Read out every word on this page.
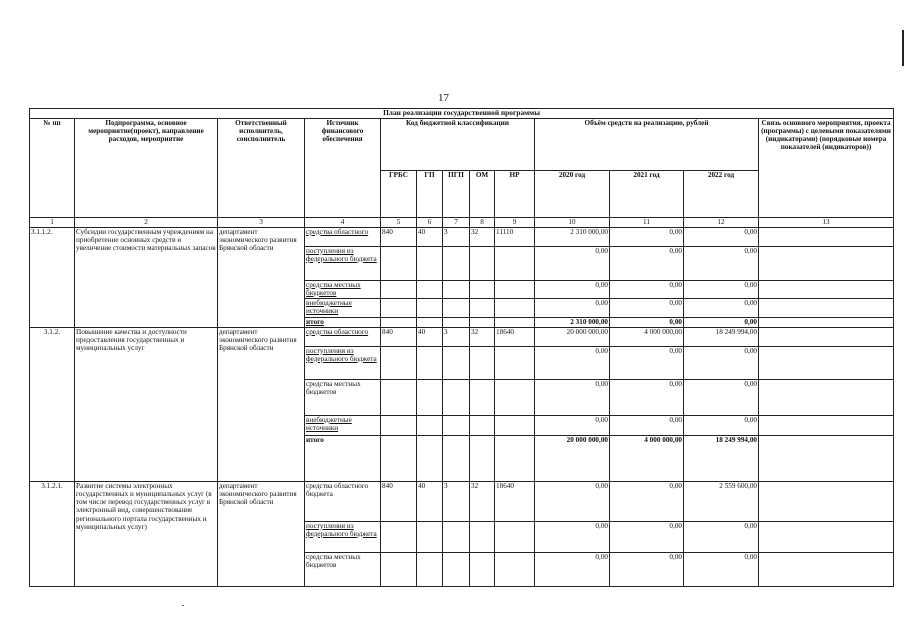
17
План реализации государственной программы												
№ пп	Подпрограмма, основное мероприятие(проект), направление расходов, мероприятие	Ответственный исполнитель, соисполнитель	Источник финансового обеспечения	Код бюджетной классификации					Объём средств на реализацию, рублей			Связь основного мероприятия, проекта (программы) с целевыми показателями (индикаторами) (порядковые номера показателей (индикаторов))
				ГРБС	ГП	ПГП	ОМ	НР	2020 год	2021 год	2022 год	
1	2	3	4	5	6	7	8	9	10	11	12	13
3.1.1.2.	Субсидии государственным учреждениям на приобретение основных средств и увеличение стоимости материальных запасов	департамент экономического развития Брянской области	средства областного	840	40	3	32	11110	2 310 000,00	0,00	0,00	
			поступления из федерального бюджета						0,00	0,00	0,00	
			средства местных бюджетов						0,00	0,00	0,00	
			внебюджетные источники						0,00	0,00	0,00	
			итого						2 310 000,00	0,00	0,00	
3.1.2.	Повышение качества и доступности предоставления государственных и муниципальных услуг	департамент экономического развития Брянской области	средства областного	840	40	3	32	18640	20 000 000,00	4 000 000,00	18 249 994,00	
			поступления из федерального бюджета						0,00	0,00	0,00	
			средства местных бюджетов						0,00	0,00	0,00	
			внебюджетные источники						0,00	0,00	0,00	
			итого						20 000 000,00	4 000 000,00	18 249 994,00	
3.1.2.1.	Развитие системы электронных государственных и муниципальных услуг (в том числе перевод государственных услуг в электронный вид, совершенствование регионального портала государственных и муниципальных услуг)	департамент экономического развития Брянской области	средства областного бюджета	840	40	3	32	18640	0,00	0,00	2 559 600,00	
			поступления из федерального бюджета						0,00	0,00	0,00	
			средства местных бюджетов						0,00	0,00	0,00	
